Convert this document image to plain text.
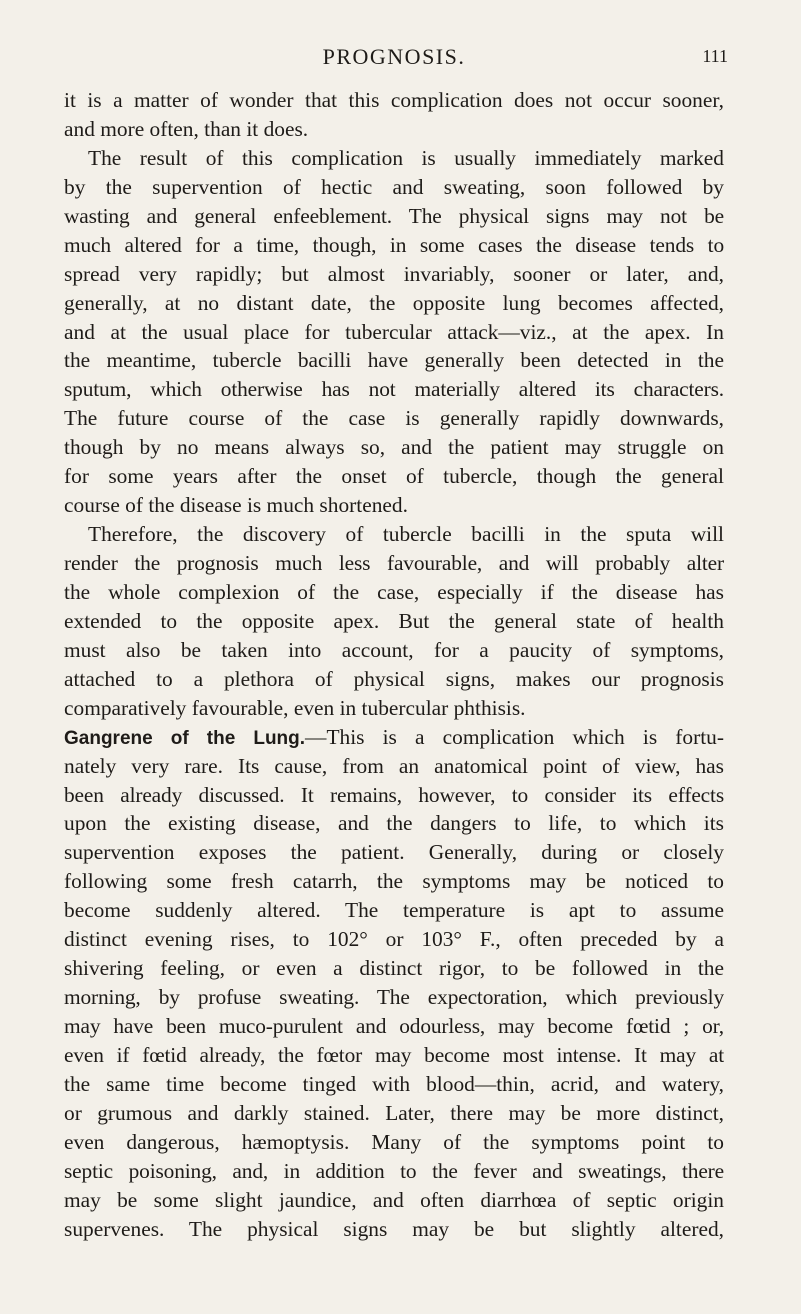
PROGNOSIS.	111
it is a matter of wonder that this complication does not occur sooner,
and more often, than it does.
The result of this complication is usually immediately marked
by the supervention of hectic and sweating, soon followed by
wasting and general enfeeblement. The physical signs may not be
much altered for a time, though, in some cases the disease tends to
spread very rapidly; but almost invariably, sooner or later, and,
generally, at no distant date, the opposite lung becomes affected,
and at the usual place for tubercular attack—viz., at the apex. In
the meantime, tubercle bacilli have generally been detected in the
sputum, which otherwise has not materially altered its characters.
The future course of the case is generally rapidly downwards,
though by no means always so, and the patient may struggle on
for some years after the onset of tubercle, though the general
course of the disease is much shortened.
Therefore, the discovery of tubercle bacilli in the sputa will
render the prognosis much less favourable, and will probably alter
the whole complexion of the case, especially if the disease has
extended to the opposite apex. But the general state of health
must also be taken into account, for a paucity of symptoms,
attached to a plethora of physical signs, makes our prognosis
comparatively favourable, even in tubercular phthisis.
Gangrene of the Lung.—This is a complication which is fortu-
nately very rare. Its cause, from an anatomical point of view, has
been already discussed. It remains, however, to consider its effects
upon the existing disease, and the dangers to life, to which its
supervention exposes the patient. Generally, during or closely
following some fresh catarrh, the symptoms may be noticed to
become suddenly altered. The temperature is apt to assume
distinct evening rises, to 102° or 103° F., often preceded by a
shivering feeling, or even a distinct rigor, to be followed in the
morning, by profuse sweating. The expectoration, which previously
may have been muco-purulent and odourless, may become fœtid ; or,
even if fœtid already, the fœtor may become most intense. It may at
the same time become tinged with blood—thin, acrid, and watery,
or grumous and darkly stained. Later, there may be more distinct,
even dangerous, hæmoptysis. Many of the symptoms point to
septic poisoning, and, in addition to the fever and sweatings, there
may be some slight jaundice, and often diarrhœa of septic origin
supervenes. The physical signs may be but slightly altered,
